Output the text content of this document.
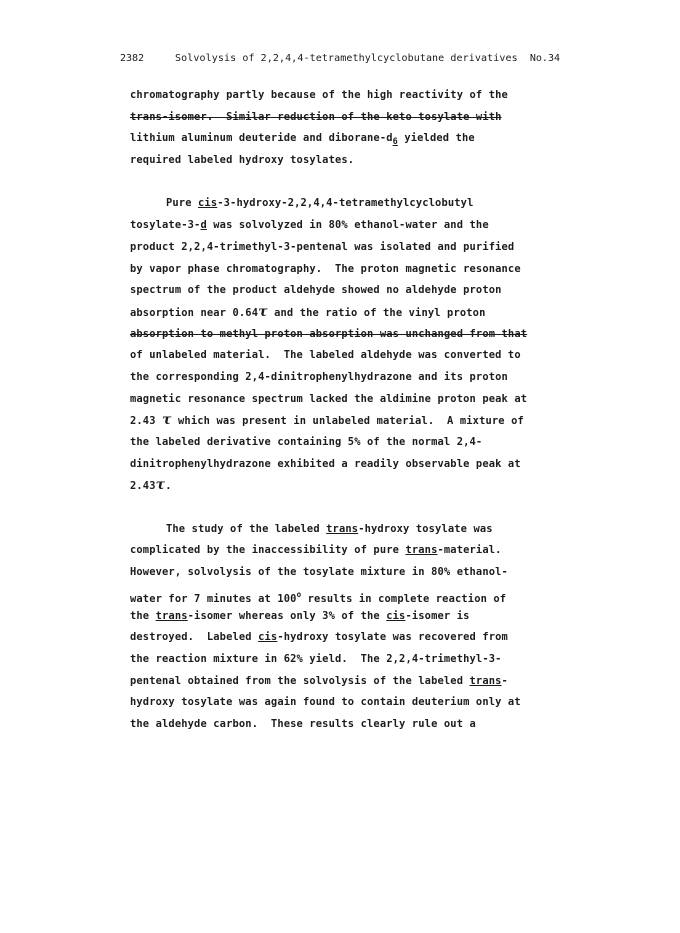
2382	Solvolysis of 2,2,4,4-tetramethylcyclobutane derivatives No.34
chromatography partly because of the high reactivity of the
trans-isomer.  Similar reduction of the keto tosylate with
lithium aluminum deuteride and diborane-$d_6$ yielded the
required labeled hydroxy tosylates.
Pure cis-3-hydroxy-2,2,4,4-tetramethylcyclobutyl
tosylate-3-d was solvolyzed in 80% ethanol-water and the
product 2,2,4-trimethyl-3-pentenal was isolated and purified
by vapor phase chromatography.  The proton magnetic resonance
spectrum of the product aldehyde showed no aldehyde proton
absorption near 0.64τ and the ratio of the vinyl proton
absorption to methyl proton absorption was unchanged from that
of unlabeled material.  The labeled aldehyde was converted to
the corresponding 2,4-dinitrophenylhydrazone and its proton
magnetic resonance spectrum lacked the aldimine proton peak at
2.43 τ which was present in unlabeled material.  A mixture of
the labeled derivative containing 5% of the normal 2,4-
dinitrophenylhydrazone exhibited a readily observable peak at
2.43τ.
The study of the labeled trans-hydroxy tosylate was
complicated by the inaccessibility of pure trans-material.
However, solvolysis of the tosylate mixture in 80% ethanol-
water for 7 minutes at 100$^o$ results in complete reaction of
the trans-isomer whereas only 3% of the cis-isomer is
destroyed.  Labeled cis-hydroxy tosylate was recovered from
the reaction mixture in 62% yield.  The 2,2,4-trimethyl-3-
pentenal obtained from the solvolysis of the labeled trans-
hydroxy tosylate was again found to contain deuterium only at
the aldehyde carbon.  These results clearly rule out a
